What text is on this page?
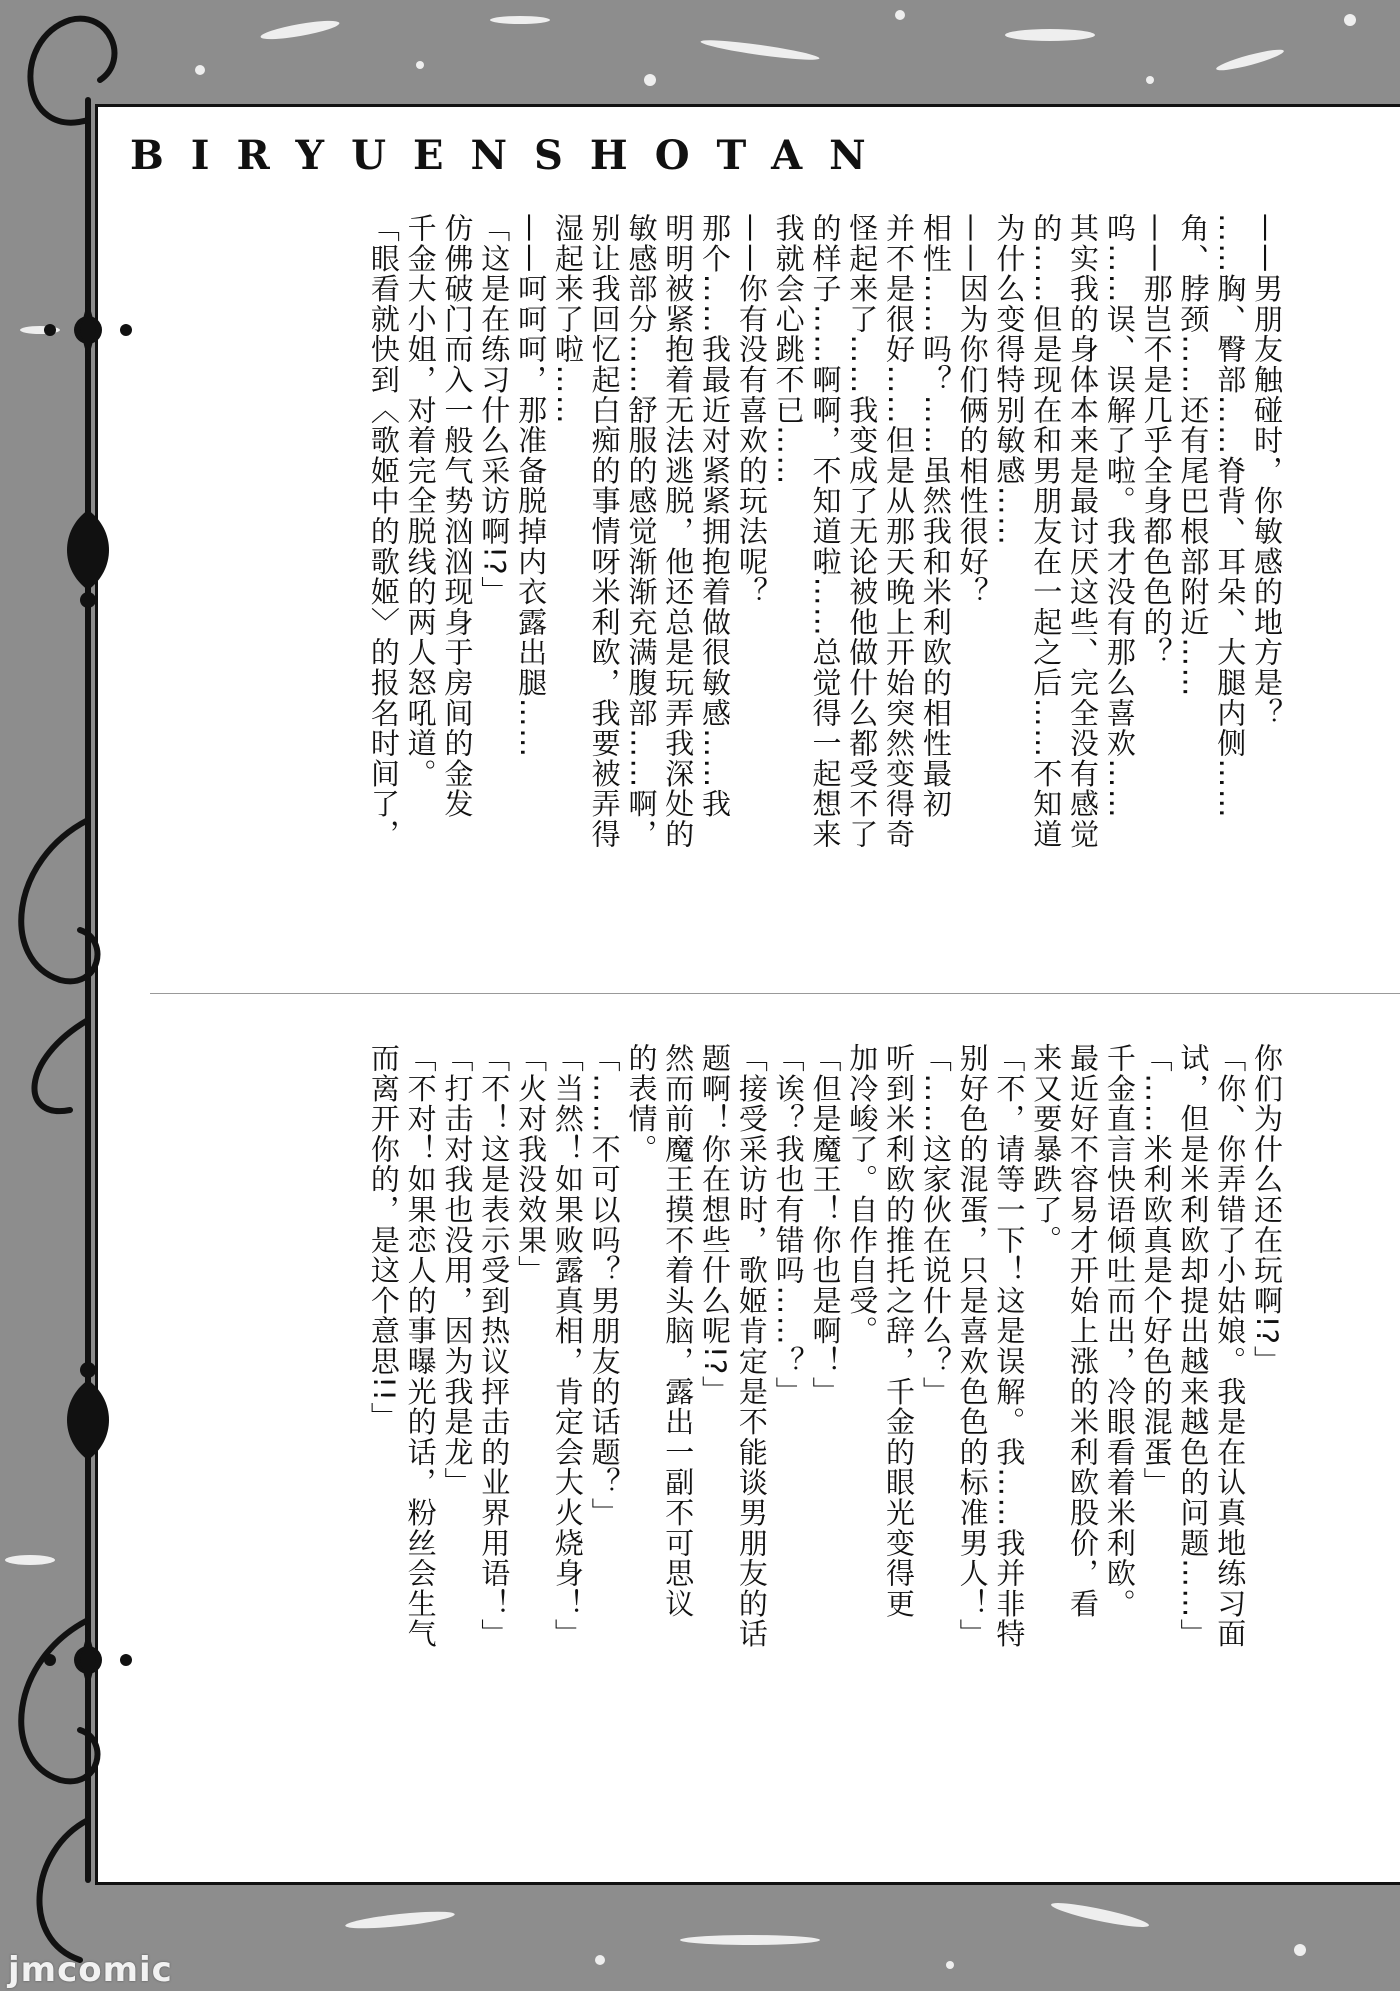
BIRYUENSHOTAN
——男朋友触碰时，你敏感的地方是？
……胸、臀部……脊背、耳朵、大腿内侧……
角、脖颈……还有尾巴根部附近……
——那岂不是几乎全身都色色的？
呜……误、误解了啦。我才没有那么喜欢……
其实我的身体本来是最讨厌这些、完全没有感觉
的……但是现在和男朋友在一起之后……不知道
为什么变得特别敏感……
——因为你们俩的相性很好？
相性……吗？……虽然我和米利欧的相性最初
并不是很好……但是从那天晚上开始突然变得奇
怪起来了……我变成了无论被他做什么都受不了
的样子……啊啊，不知道啦……总觉得一起想来
我就会心跳不已……
——你有没有喜欢的玩法呢？
那个……我最近对紧紧拥抱着做很敏感……我
明明被紧抱着无法逃脱，他还总是玩弄我深处的
敏感部分……舒服的感觉渐渐充满腹部……啊，
别让我回忆起白痴的事情呀米利欧，我要被弄得
湿起来了啦……
——呵呵呵，那准备脱掉内衣露出腿……
「这是在练习什么采访啊!?」
仿佛破门而入一般气势汹汹现身于房间的金发
千金大小姐，对着完全脱线的两人怒吼道。
「眼看就快到〈歌姬中的歌姬〉的报名时间了，
你们为什么还在玩啊!?」
「你、你弄错了小姑娘。我是在认真地练习面
试，但是米利欧却提出越来越色的问题……」
「……米利欧真是个好色的混蛋」
千金直言快语倾吐而出，冷眼看着米利欧。
最近好不容易才开始上涨的米利欧股价，看
来又要暴跌了。
「不，请等一下！这是误解。我……我并非特
别好色的混蛋，只是喜欢色色的标准男人！」
「……这家伙在说什么？」
听到米利欧的推托之辞，千金的眼光变得更
加冷峻了。自作自受。
「但是魔王！你也是啊！」
「诶？我也有错吗……？」
「接受采访时，歌姬肯定是不能谈男朋友的话
题啊！你在想些什么呢!?」
然而前魔王摸不着头脑，露出一副不可思议
的表情。
「……不可以吗？男朋友的话题？」
「当然！如果败露真相，肯定会大火烧身！」
「火对我没效果」
「不！这是表示受到热议抨击的业界用语！」
「打击对我也没用，因为我是龙」
「不对！如果恋人的事曝光的话，粉丝会生气
而离开你的，是这个意思!!」
jmcomic
